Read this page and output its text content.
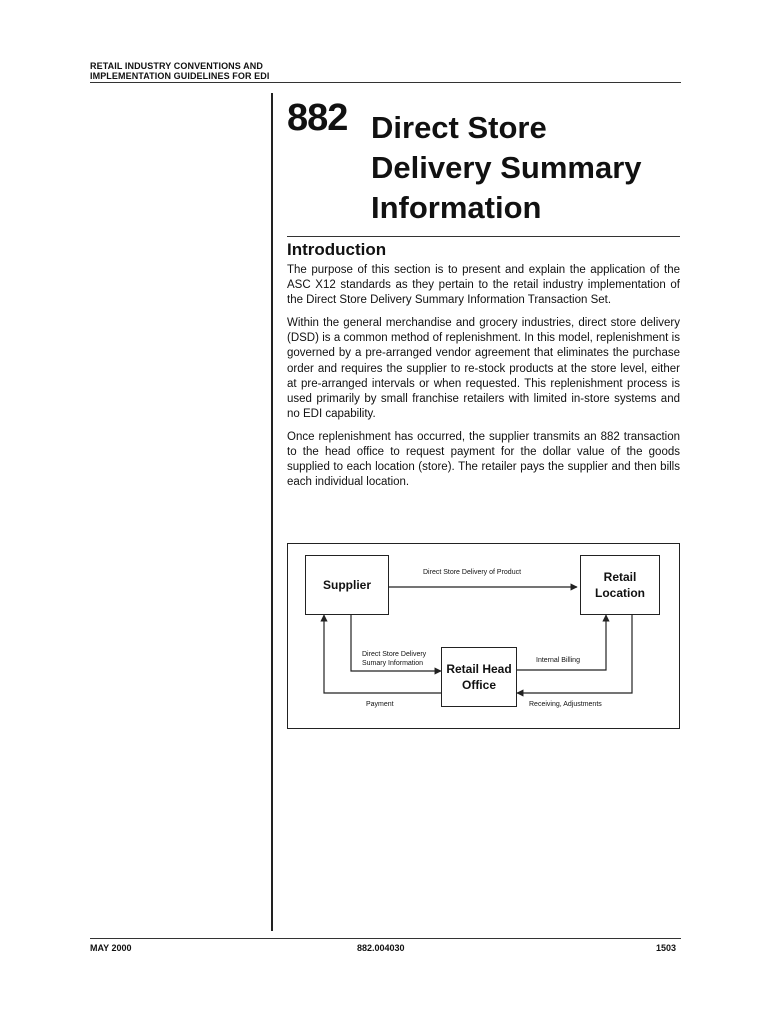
RETAIL INDUSTRY CONVENTIONS AND
IMPLEMENTATION GUIDELINES FOR EDI
882 Direct Store
Delivery Summary
Information
Introduction

The purpose of this section is to present and explain the application of the ASC X12 standards as they pertain to the retail industry implementation of the Direct Store Delivery Summary Information Transaction Set.

Within the general merchandise and grocery industries, direct store delivery (DSD) is a common method of replenishment. In this model, replenishment is governed by a pre-arranged vendor agreement that eliminates the purchase order and requires the supplier to re-stock products at the store level, either at pre-arranged intervals or when requested. This replenishment process is used primarily by small franchise retailers with limited in-store systems and no EDI capability.

Once replenishment has occurred, the supplier transmits an 882 transaction to the head office to request payment for the dollar value of the goods supplied to each location (store). The retailer pays the supplier and then bills each individual location.

Supplier
Retail
Location
Retail Head
Office
Direct Store Delivery of Product
Direct Store Delivery
Sumary Information	Internal Billing
Payment	Receiving, Adjustments
MAY 2000	882.004030	1503
